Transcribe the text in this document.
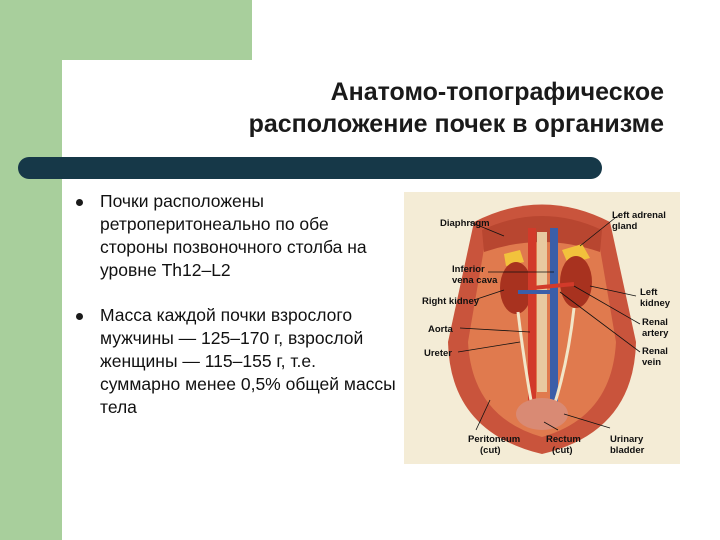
Анатомо-топографическое
расположение почек в организме
Почки расположены ретроперитонеально по обе стороны позвоночного столба на уровне Th12–L2
Масса каждой почки взрослого мужчины — 125–170 г, взрослой женщины — 115–155 г, т.е. суммарно менее 0,5% общей массы тела
Diaphragm
Left adrenal
gland
Inferior
vena cava
Right kidney
Left
kidney
Aorta
Renal
artery
Ureter	Renal
vein
Peritoneum
(cut)
Rectum
(cut)
Urinary
bladder
